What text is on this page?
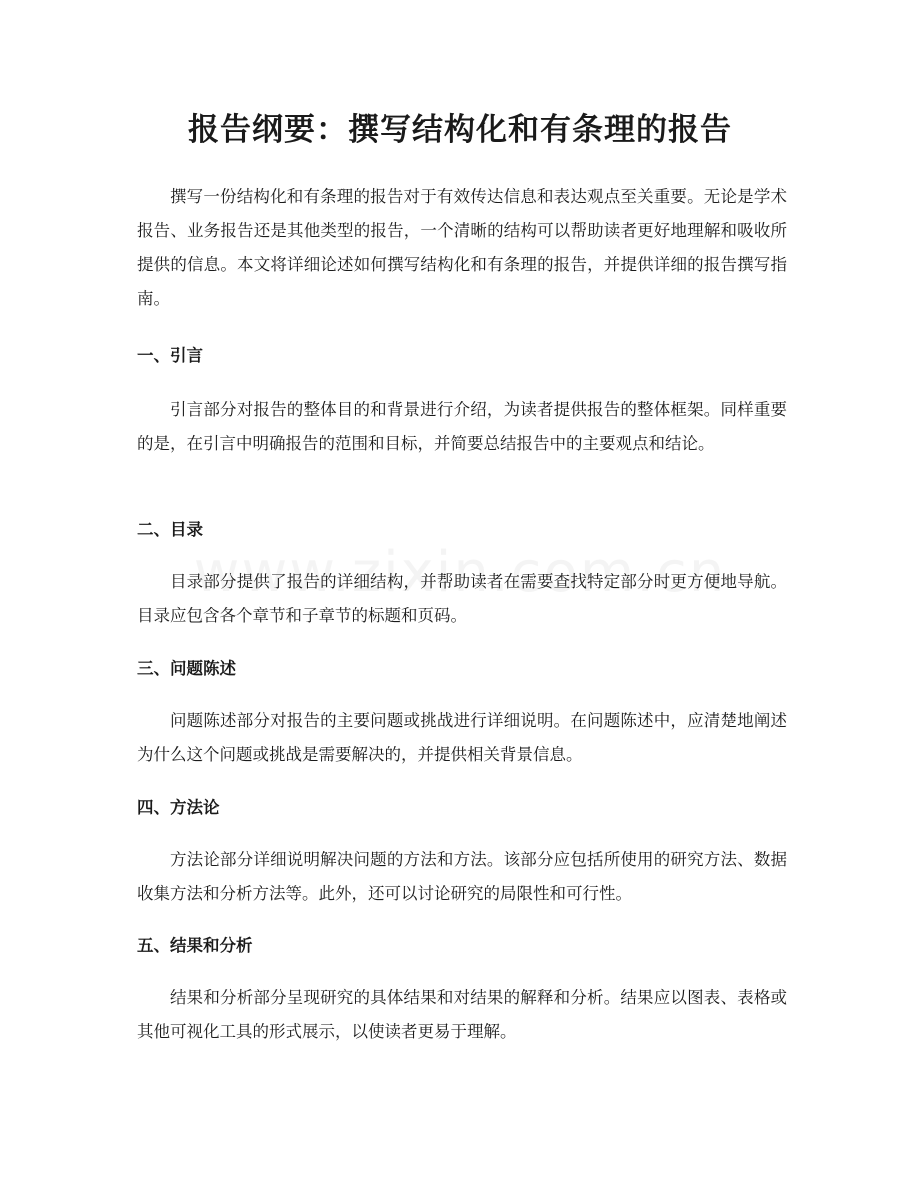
报告纲要：撰写结构化和有条理的报告

撰写一份结构化和有条理的报告对于有效传达信息和表达观点至关重要。无论是学术报告、业务报告还是其他类型的报告，一个清晰的结构可以帮助读者更好地理解和吸收所提供的信息。本文将详细论述如何撰写结构化和有条理的报告，并提供详细的报告撰写指南。

一、引言

引言部分对报告的整体目的和背景进行介绍，为读者提供报告的整体框架。同样重要的是，在引言中明确报告的范围和目标，并简要总结报告中的主要观点和结论。

二、目录

目录部分提供了报告的详细结构，并帮助读者在需要查找特定部分时更方便地导航。目录应包含各个章节和子章节的标题和页码。

三、问题陈述

问题陈述部分对报告的主要问题或挑战进行详细说明。在问题陈述中，应清楚地阐述为什么这个问题或挑战是需要解决的，并提供相关背景信息。

四、方法论

方法论部分详细说明解决问题的方法和方法。该部分应包括所使用的研究方法、数据收集方法和分析方法等。此外，还可以讨论研究的局限性和可行性。

五、结果和分析

结果和分析部分呈现研究的具体结果和对结果的解释和分析。结果应以图表、表格或其他可视化工具的形式展示，以使读者更易于理解。
